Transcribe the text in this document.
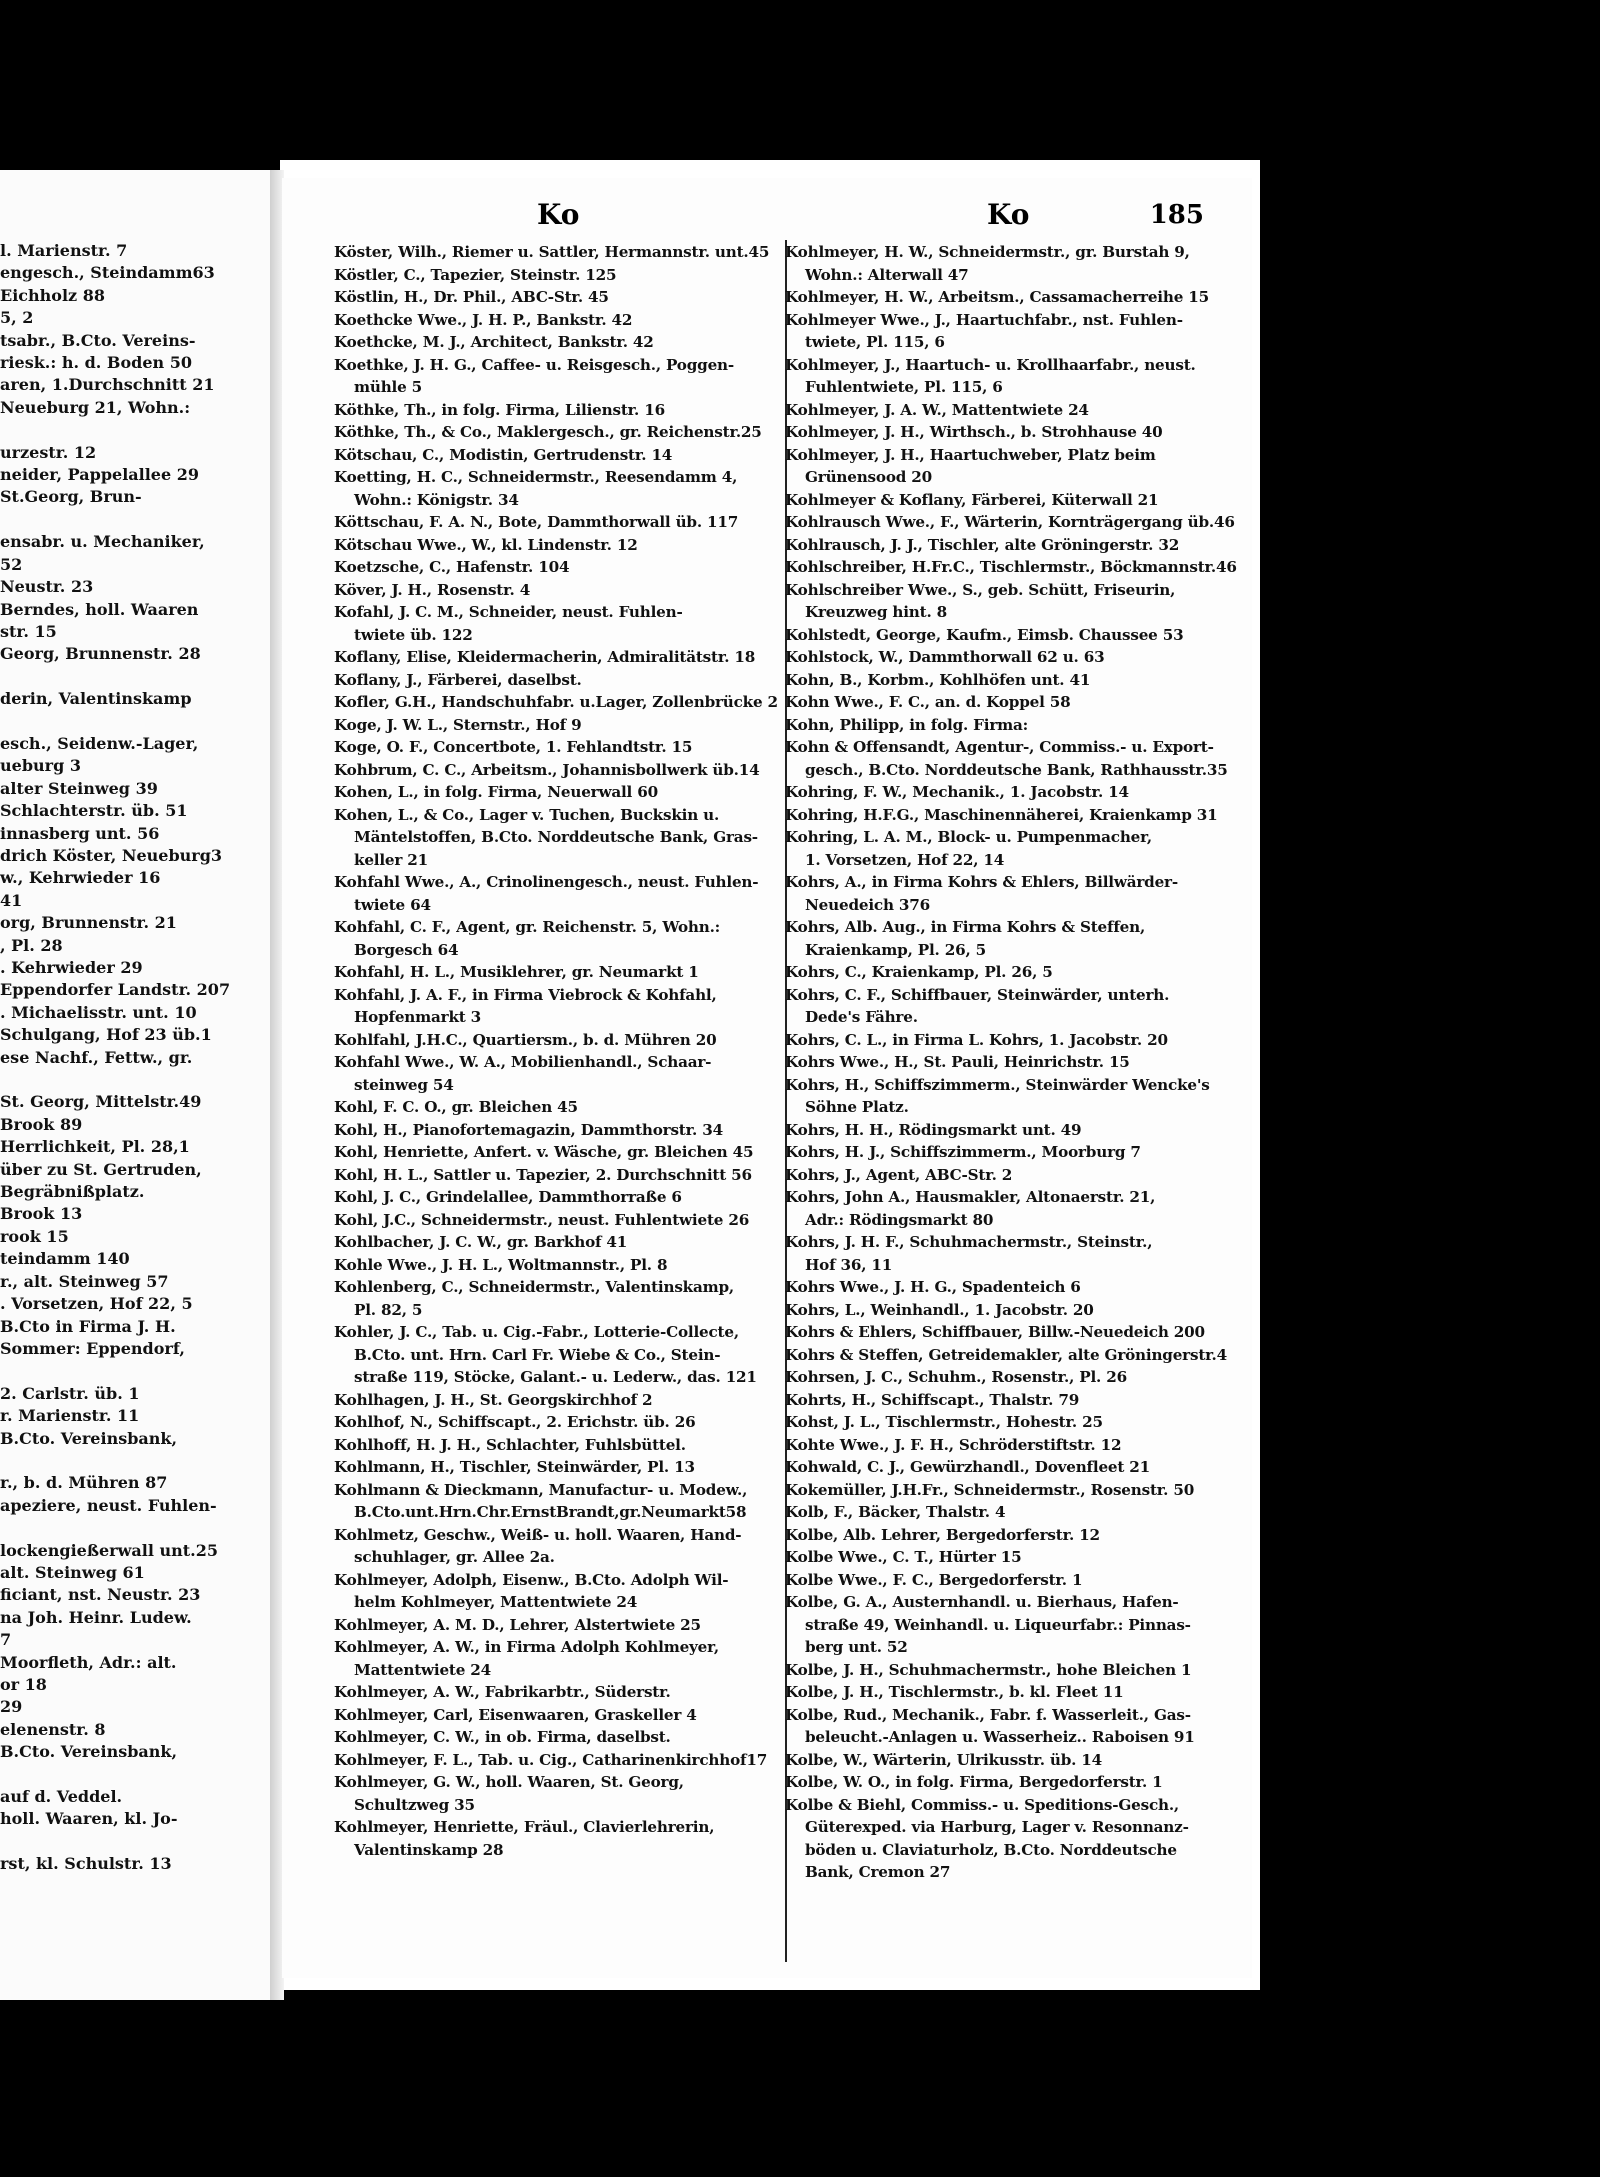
l. Marienstr. 7
engesch., Steindamm63
Eichholz 88
5, 2
tsabr., B.Cto. Vereins-
riesk.: h. d. Boden 50
aren, 1.Durchschnitt 21
Neueburg 21, Wohn.:

urzestr. 12
neider, Pappelallee 29
St.Georg, Brun-

ensabr. u. Mechaniker,
52
Neustr. 23
Berndes, holl. Waaren
str. 15
Georg, Brunnenstr. 28

derin, Valentinskamp

esch., Seidenw.-Lager,
ueburg 3
alter Steinweg 39
Schlachterstr. üb. 51
innasberg unt. 56
drich Köster, Neueburg3
w., Kehrwieder 16
41
org, Brunnenstr. 21
, Pl. 28
. Kehrwieder 29
Eppendorfer Landstr. 207
. Michaelisstr. unt. 10
Schulgang, Hof 23 üb.1
ese Nachf., Fettw., gr.

St. Georg, Mittelstr.49
Brook 89
Herrlichkeit, Pl. 28,1
über zu St. Gertruden,
Begräbnißplatz.
Brook 13
rook 15
teindamm 140
r., alt. Steinweg 57
. Vorsetzen, Hof 22, 5
B.Cto in Firma J. H.
Sommer: Eppendorf,

2. Carlstr. üb. 1
r. Marienstr. 11
B.Cto. Vereinsbank,

r., b. d. Mühren 87
apeziere, neust. Fuhlen-

lockengießerwall unt.25
alt. Steinweg 61
ficiant, nst. Neustr. 23
na Joh. Heinr. Ludew.
7
Moorfleth, Adr.: alt.
or 18
29
elenenstr. 8
B.Cto. Vereinsbank,

auf d. Veddel.
holl. Waaren, kl. Jo-

rst, kl. Schulstr. 13
Ko	Ko	185
Köster, Wilh., Riemer u. Sattler, Hermannstr. unt.45
Köstler, C., Tapezier, Steinstr. 125
Köstlin, H., Dr. Phil., ABC-Str. 45
Koethcke Wwe., J. H. P., Bankstr. 42
Koethcke, M. J., Architect, Bankstr. 42
Koethke, J. H. G., Caffee- u. Reisgesch., Poggen-
mühle 5
Köthke, Th., in folg. Firma, Lilienstr. 16
Köthke, Th., & Co., Maklergesch., gr. Reichenstr.25
Kötschau, C., Modistin, Gertrudenstr. 14
Koetting, H. C., Schneidermstr., Reesendamm 4,
Wohn.: Königstr. 34
Köttschau, F. A. N., Bote, Dammthorwall üb. 117
Kötschau Wwe., W., kl. Lindenstr. 12
Koetzsche, C., Hafenstr. 104
Köver, J. H., Rosenstr. 4
Kofahl, J. C. M., Schneider, neust. Fuhlen-
twiete üb. 122
Koflany, Elise, Kleidermacherin, Admiralitätstr. 18
Koflany, J., Färberei, daselbst.
Kofler, G.H., Handschuhfabr. u.Lager, Zollenbrücke 2
Koge, J. W. L., Sternstr., Hof 9
Koge, O. F., Concertbote, 1. Fehlandtstr. 15
Kohbrum, C. C., Arbeitsm., Johannisbollwerk üb.14
Kohen, L., in folg. Firma, Neuerwall 60
Kohen, L., & Co., Lager v. Tuchen, Buckskin u.
Mäntelstoffen, B.Cto. Norddeutsche Bank, Gras-
keller 21
Kohfahl Wwe., A., Crinolinengesch., neust. Fuhlen-
twiete 64
Kohfahl, C. F., Agent, gr. Reichenstr. 5, Wohn.:
Borgesch 64
Kohfahl, H. L., Musiklehrer, gr. Neumarkt 1
Kohfahl, J. A. F., in Firma Viebrock & Kohfahl,
Hopfenmarkt 3
Kohlfahl, J.H.C., Quartiersm., b. d. Mühren 20
Kohfahl Wwe., W. A., Mobilienhandl., Schaar-
steinweg 54
Kohl, F. C. O., gr. Bleichen 45
Kohl, H., Pianofortemagazin, Dammthorstr. 34
Kohl, Henriette, Anfert. v. Wäsche, gr. Bleichen 45
Kohl, H. L., Sattler u. Tapezier, 2. Durchschnitt 56
Kohl, J. C., Grindelallee, Dammthorraße 6
Kohl, J.C., Schneidermstr., neust. Fuhlentwiete 26
Kohlbacher, J. C. W., gr. Barkhof 41
Kohle Wwe., J. H. L., Woltmannstr., Pl. 8
Kohlenberg, C., Schneidermstr., Valentinskamp,
Pl. 82, 5
Kohler, J. C., Tab. u. Cig.-Fabr., Lotterie-Collecte,
B.Cto. unt. Hrn. Carl Fr. Wiebe & Co., Stein-
straße 119, Stöcke, Galant.- u. Lederw., das. 121
Kohlhagen, J. H., St. Georgskirchhof 2
Kohlhof, N., Schiffscapt., 2. Erichstr. üb. 26
Kohlhoff, H. J. H., Schlachter, Fuhlsbüttel.
Kohlmann, H., Tischler, Steinwärder, Pl. 13
Kohlmann & Dieckmann, Manufactur- u. Modew.,
B.Cto.unt.Hrn.Chr.ErnstBrandt,gr.Neumarkt58
Kohlmetz, Geschw., Weiß- u. holl. Waaren, Hand-
schuhlager, gr. Allee 2a.
Kohlmeyer, Adolph, Eisenw., B.Cto. Adolph Wil-
helm Kohlmeyer, Mattentwiete 24
Kohlmeyer, A. M. D., Lehrer, Alstertwiete 25
Kohlmeyer, A. W., in Firma Adolph Kohlmeyer,
Mattentwiete 24
Kohlmeyer, A. W., Fabrikarbtr., Süderstr.
Kohlmeyer, Carl, Eisenwaaren, Graskeller 4
Kohlmeyer, C. W., in ob. Firma, daselbst.
Kohlmeyer, F. L., Tab. u. Cig., Catharinenkirchhof17
Kohlmeyer, G. W., holl. Waaren, St. Georg,
Schultzweg 35
Kohlmeyer, Henriette, Fräul., Clavierlehrerin,
Valentinskamp 28
Kohlmeyer, H. W., Schneidermstr., gr. Burstah 9,
Wohn.: Alterwall 47
Kohlmeyer, H. W., Arbeitsm., Cassamacherreihe 15
Kohlmeyer Wwe., J., Haartuchfabr., nst. Fuhlen-
twiete, Pl. 115, 6
Kohlmeyer, J., Haartuch- u. Krollhaarfabr., neust.
Fuhlentwiete, Pl. 115, 6
Kohlmeyer, J. A. W., Mattentwiete 24
Kohlmeyer, J. H., Wirthsch., b. Strohhause 40
Kohlmeyer, J. H., Haartuchweber, Platz beim
Grünensood 20
Kohlmeyer & Koflany, Färberei, Küterwall 21
Kohlrausch Wwe., F., Wärterin, Kornträgergang üb.46
Kohlrausch, J. J., Tischler, alte Gröningerstr. 32
Kohlschreiber, H.Fr.C., Tischlermstr., Böckmannstr.46
Kohlschreiber Wwe., S., geb. Schütt, Friseurin,
Kreuzweg hint. 8
Kohlstedt, George, Kaufm., Eimsb. Chaussee 53
Kohlstock, W., Dammthorwall 62 u. 63
Kohn, B., Korbm., Kohlhöfen unt. 41
Kohn Wwe., F. C., an. d. Koppel 58
Kohn, Philipp, in folg. Firma:
Kohn & Offensandt, Agentur-, Commiss.- u. Export-
gesch., B.Cto. Norddeutsche Bank, Rathhausstr.35
Kohring, F. W., Mechanik., 1. Jacobstr. 14
Kohring, H.F.G., Maschinennäherei, Kraienkamp 31
Kohring, L. A. M., Block- u. Pumpenmacher,
1. Vorsetzen, Hof 22, 14
Kohrs, A., in Firma Kohrs & Ehlers, Billwärder-
Neuedeich 376
Kohrs, Alb. Aug., in Firma Kohrs & Steffen,
Kraienkamp, Pl. 26, 5
Kohrs, C., Kraienkamp, Pl. 26, 5
Kohrs, C. F., Schiffbauer, Steinwärder, unterh.
Dede's Fähre.
Kohrs, C. L., in Firma L. Kohrs, 1. Jacobstr. 20
Kohrs Wwe., H., St. Pauli, Heinrichstr. 15
Kohrs, H., Schiffszimmerm., Steinwärder Wencke's
Söhne Platz.
Kohrs, H. H., Rödingsmarkt unt. 49
Kohrs, H. J., Schiffszimmerm., Moorburg 7
Kohrs, J., Agent, ABC-Str. 2
Kohrs, John A., Hausmakler, Altonaerstr. 21,
Adr.: Rödingsmarkt 80
Kohrs, J. H. F., Schuhmachermstr., Steinstr.,
Hof 36, 11
Kohrs Wwe., J. H. G., Spadenteich 6
Kohrs, L., Weinhandl., 1. Jacobstr. 20
Kohrs & Ehlers, Schiffbauer, Billw.-Neuedeich 200
Kohrs & Steffen, Getreidemakler, alte Gröningerstr.4
Kohrsen, J. C., Schuhm., Rosenstr., Pl. 26
Kohrts, H., Schiffscapt., Thalstr. 79
Kohst, J. L., Tischlermstr., Hohestr. 25
Kohte Wwe., J. F. H., Schröderstiftstr. 12
Kohwald, C. J., Gewürzhandl., Dovenfleet 21
Kokemüller, J.H.Fr., Schneidermstr., Rosenstr. 50
Kolb, F., Bäcker, Thalstr. 4
Kolbe, Alb. Lehrer, Bergedorferstr. 12
Kolbe Wwe., C. T., Hürter 15
Kolbe Wwe., F. C., Bergedorferstr. 1
Kolbe, G. A., Austernhandl. u. Bierhaus, Hafen-
straße 49, Weinhandl. u. Liqueurfabr.: Pinnas-
berg unt. 52
Kolbe, J. H., Schuhmachermstr., hohe Bleichen 1
Kolbe, J. H., Tischlermstr., b. kl. Fleet 11
Kolbe, Rud., Mechanik., Fabr. f. Wasserleit., Gas-
beleucht.-Anlagen u. Wasserheiz.. Raboisen 91
Kolbe, W., Wärterin, Ulrikusstr. üb. 14
Kolbe, W. O., in folg. Firma, Bergedorferstr. 1
Kolbe & Biehl, Commiss.- u. Speditions-Gesch.,
Güterexped. via Harburg, Lager v. Resonnanz-
böden u. Claviaturholz, B.Cto. Norddeutsche
Bank, Cremon 27
